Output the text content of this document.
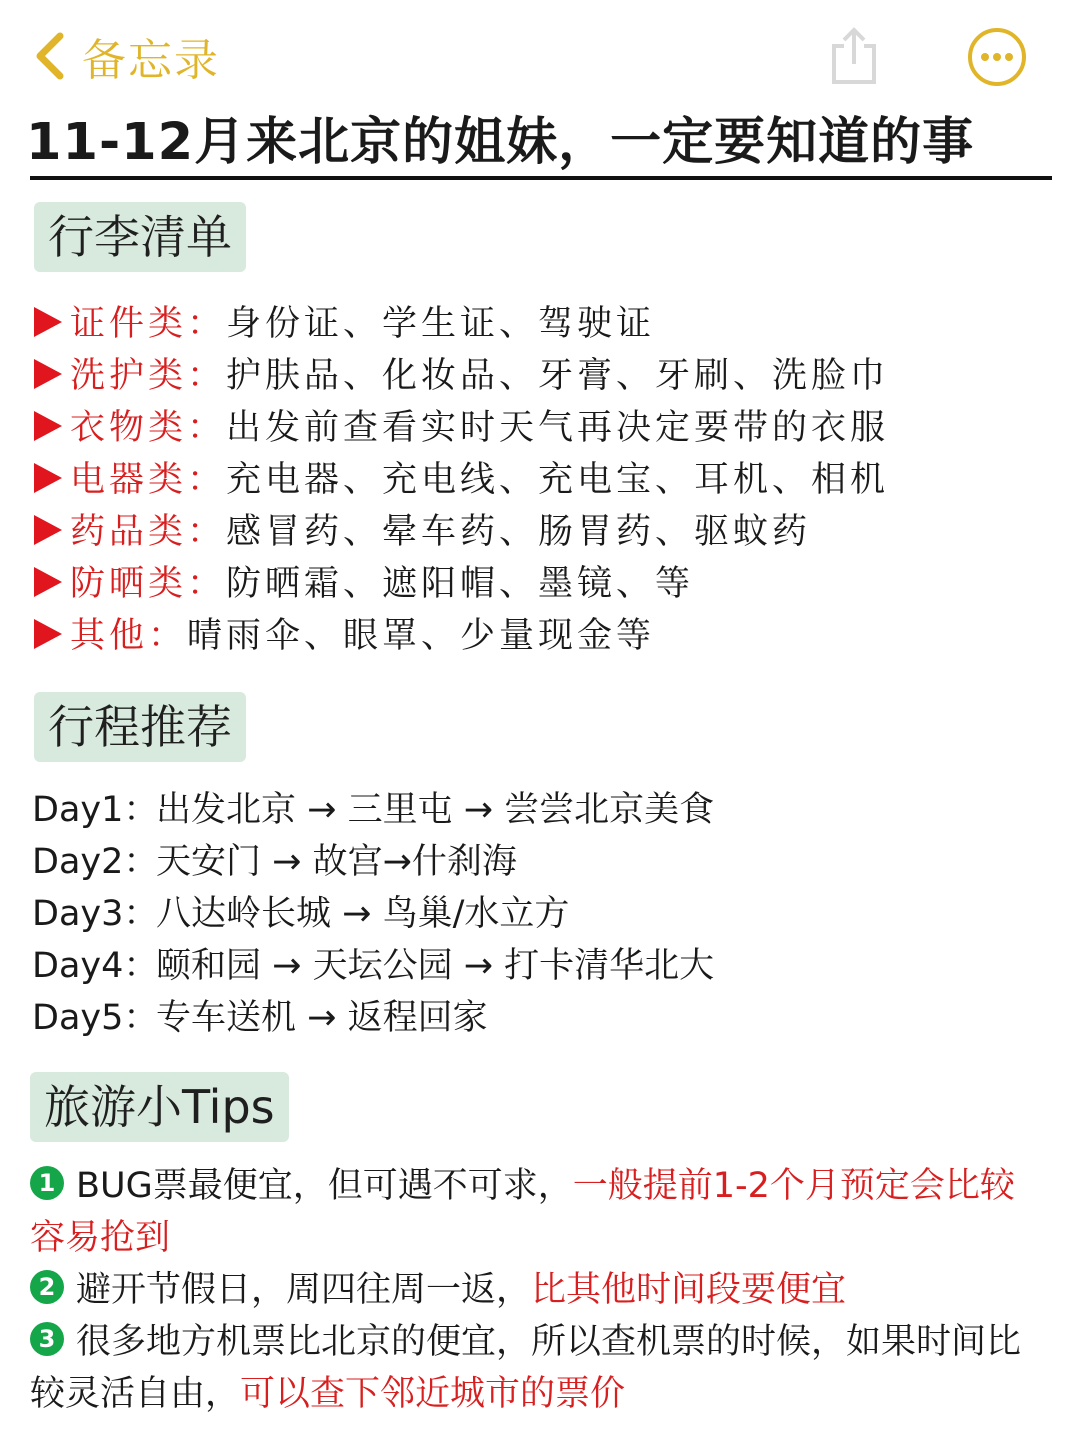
备忘录
11-12月来北京的姐妹，一定要知道的事
行李清单
证件类：身份证、学生证、驾驶证
洗护类：护肤品、化妆品、牙膏、牙刷、洗脸巾
衣物类：出发前查看实时天气再决定要带的衣服
电器类：充电器、充电线、充电宝、耳机、相机
药品类：感冒药、晕车药、肠胃药、驱蚊药
防晒类：防晒霜、遮阳帽、墨镜、等
其他：晴雨伞、眼罩、少量现金等
行程推荐
Day1：出发北京 → 三里屯 → 尝尝北京美食
Day2：天安门 → 故宫→什刹海
Day3：八达岭长城 → 鸟巢/水立方
Day4：颐和园 → 天坛公园 → 打卡清华北大
Day5：专车送机 → 返程回家
旅游小Tips
1 BUG票最便宜，但可遇不可求，一般提前1-2个月预定会比较容易抢到
2 避开节假日，周四往周一返，比其他时间段要便宜
3 很多地方机票比北京的便宜，所以查机票的时候，如果时间比较灵活自由，可以查下邻近城市的票价
